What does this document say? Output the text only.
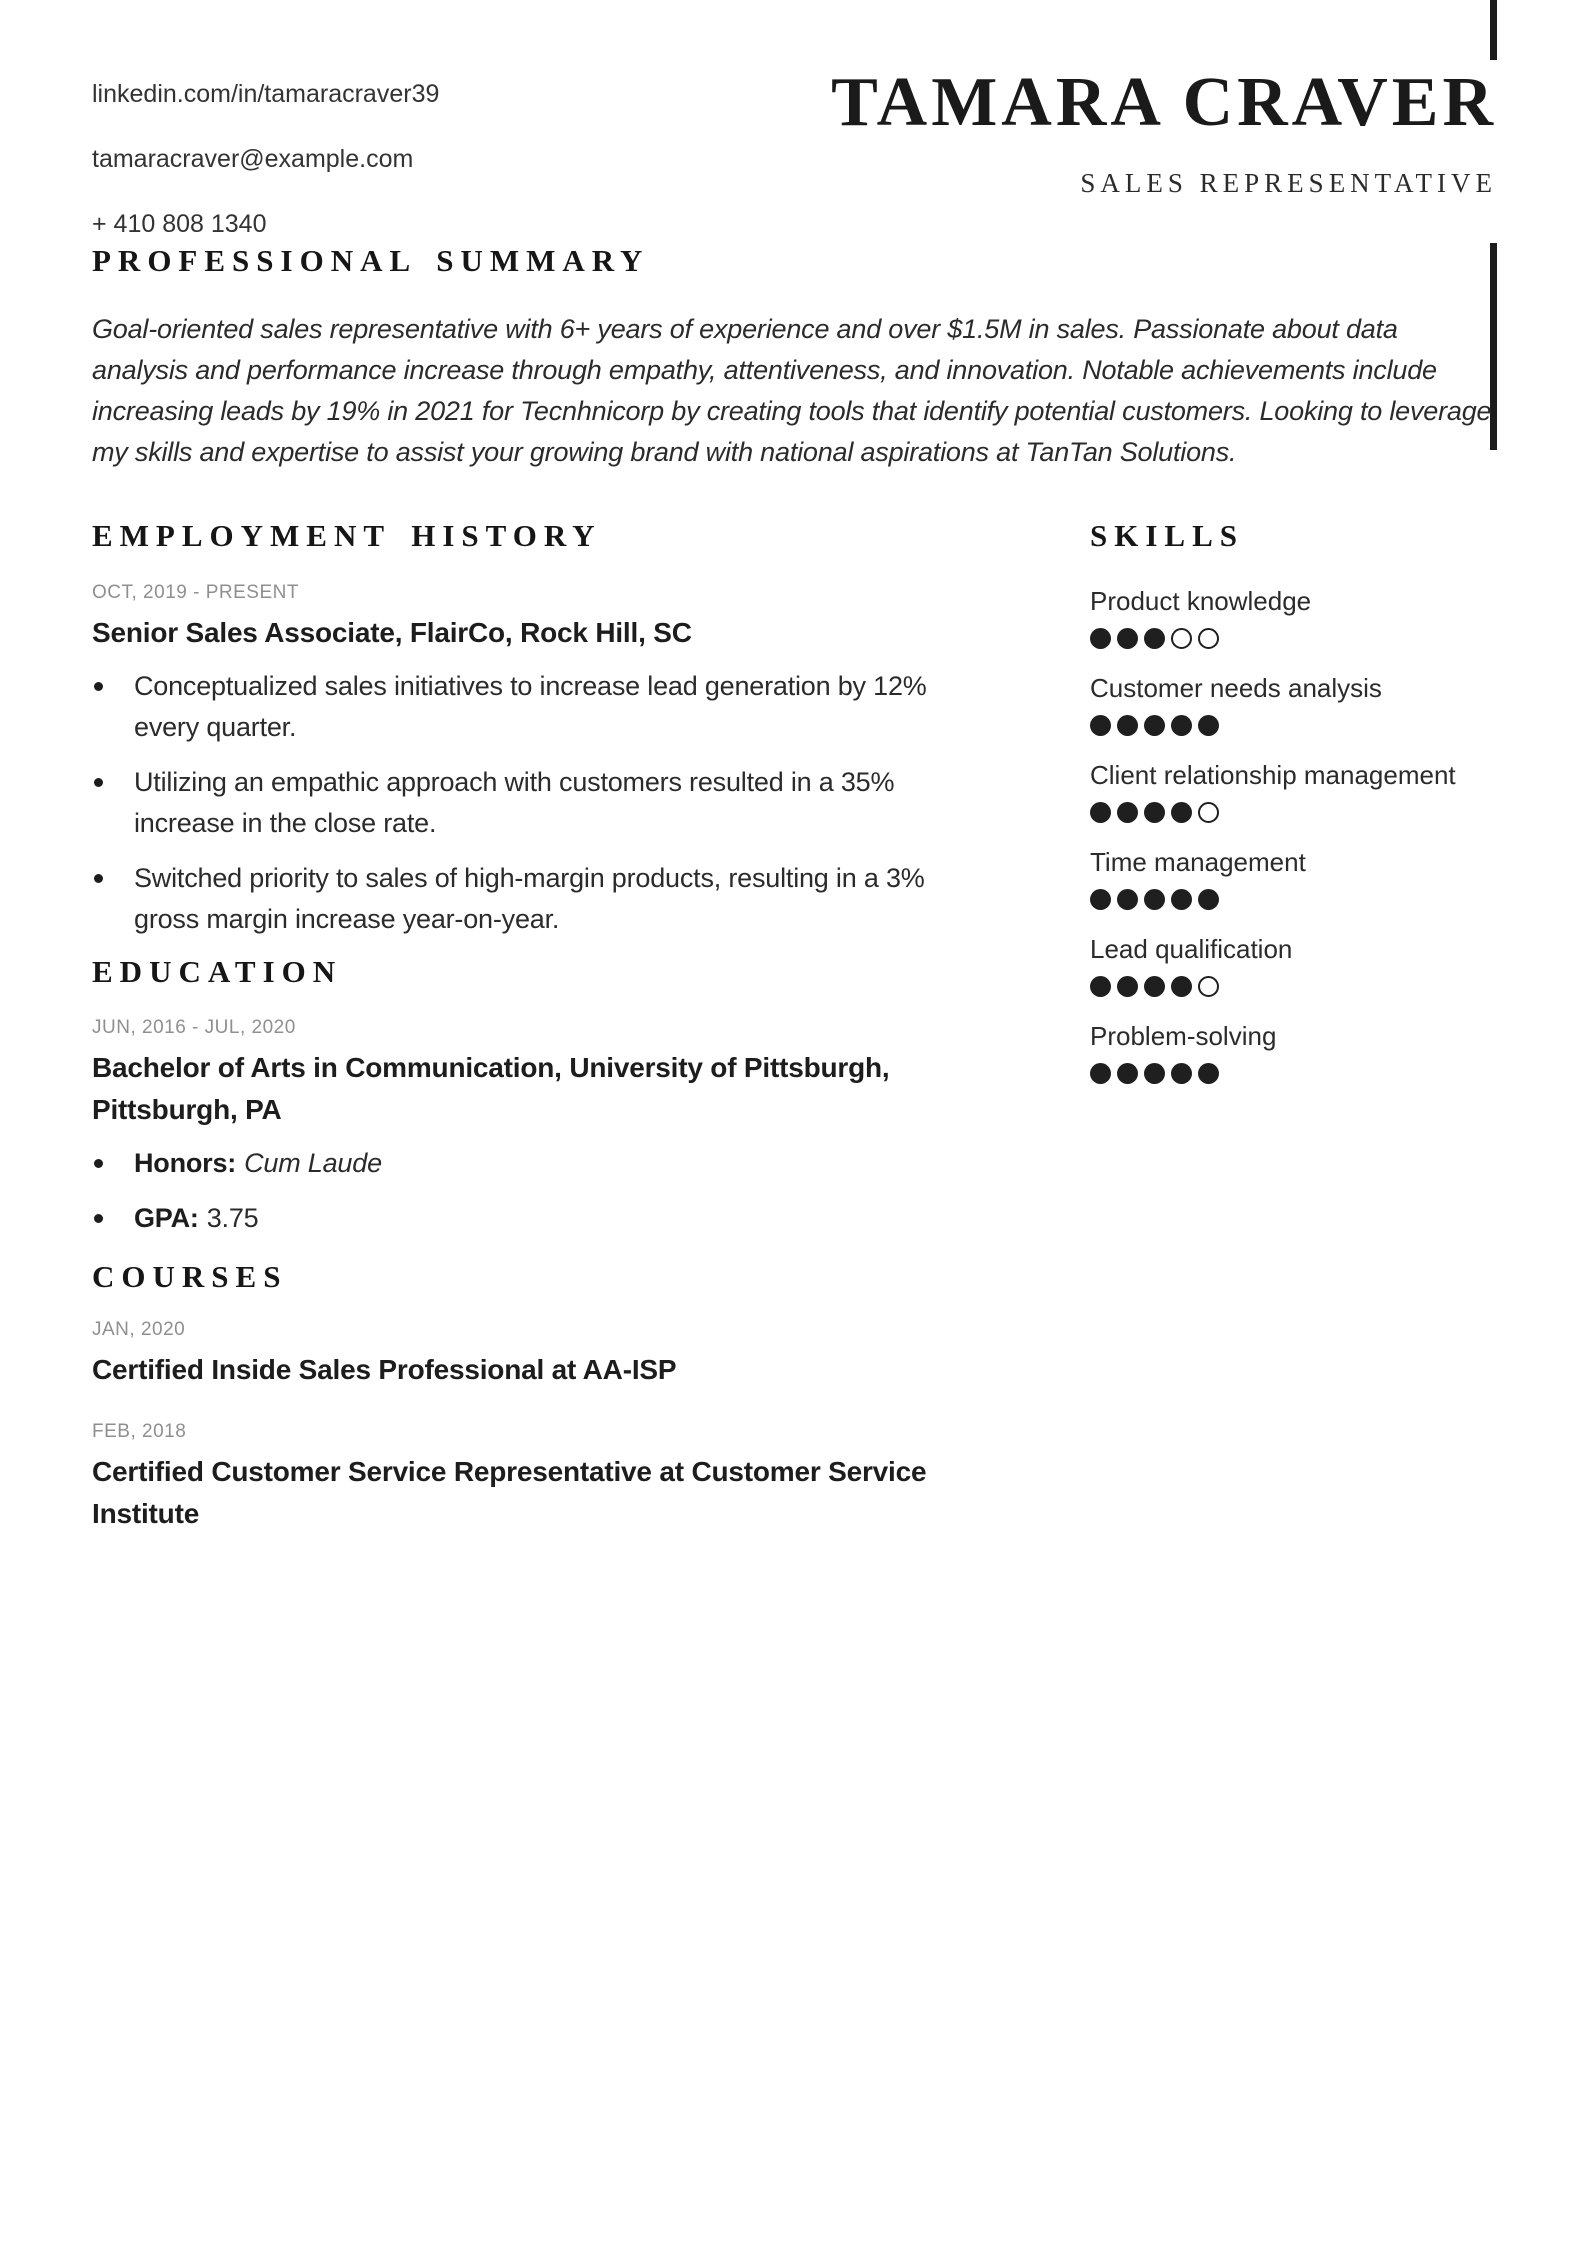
linkedin.com/in/tamaracraver39
tamaracraver@example.com
+ 410 808 1340
TAMARA CRAVER
SALES REPRESENTATIVE
PROFESSIONAL SUMMARY

Goal-oriented sales representative with 6+ years of experience and over $1.5M in sales. Passionate about data analysis and performance increase through empathy, attentiveness, and innovation. Notable achievements include increasing leads by 19% in 2021 for Tecnhnicorp by creating tools that identify potential customers. Looking to leverage my skills and expertise to assist your growing brand with national aspirations at TanTan Solutions.

EMPLOYMENT HISTORY
OCT, 2019 - PRESENT
Senior Sales Associate, FlairCo, Rock Hill, SC
Conceptualized sales initiatives to increase lead generation by 12% every quarter.
Utilizing an empathic approach with customers resulted in a 35% increase in the close rate.
Switched priority to sales of high-margin products, resulting in a 3% gross margin increase year-on-year.
EDUCATION
JUN, 2016 - JUL, 2020
Bachelor of Arts in Communication, University of Pittsburgh, Pittsburgh, PA
Honors: Cum Laude
GPA: 3.75
COURSES
JAN, 2020
Certified Inside Sales Professional at AA-ISP
FEB, 2018
Certified Customer Service Representative at Customer Service Institute
SKILLS
Product knowledge
Customer needs analysis
Client relationship management
Time management
Lead qualification
Problem-solving
